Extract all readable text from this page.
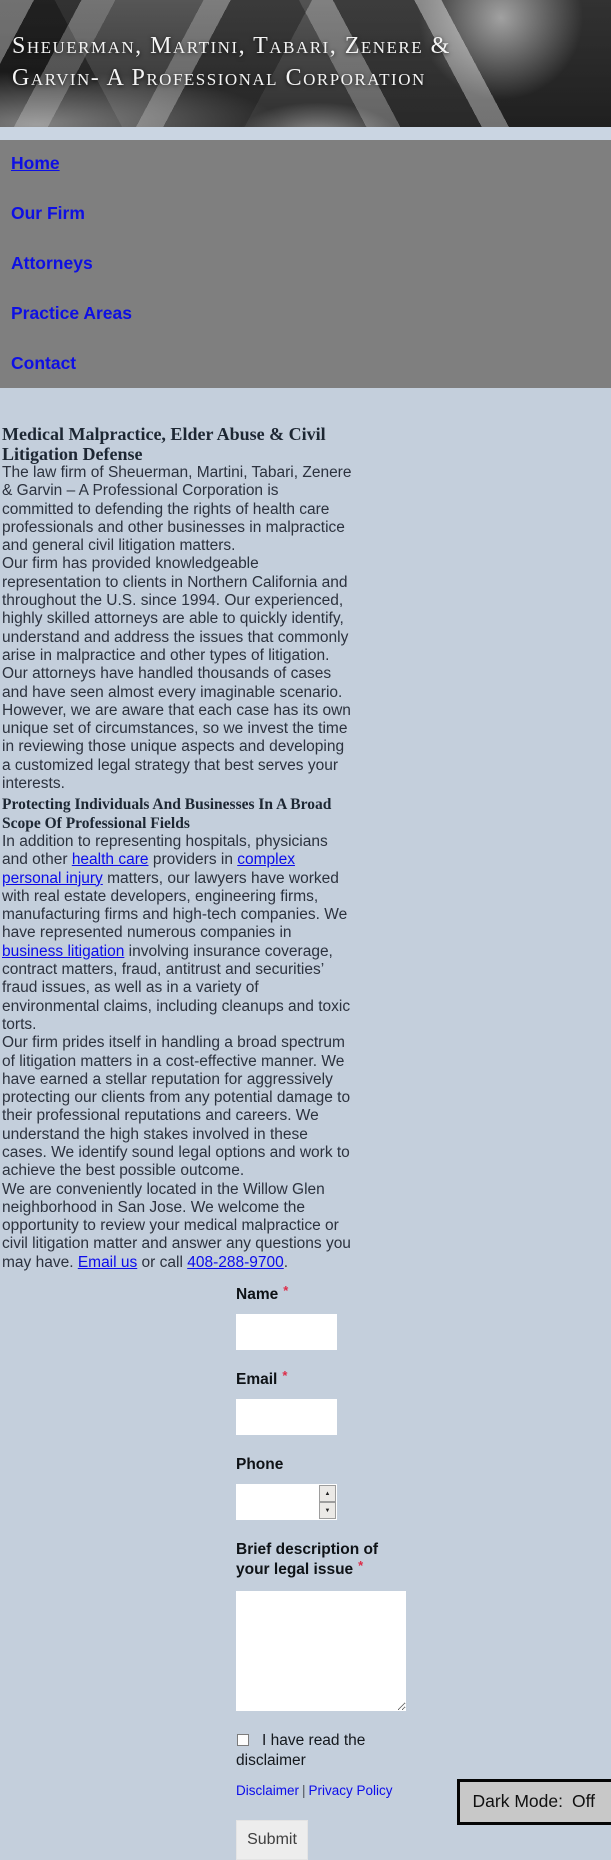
Sheuerman, Martini, Tabari, Zenere &
Garvin- A Professional Corporation
Home
Our Firm
Attorneys
Practice Areas
Contact
Medical Malpractice, Elder Abuse & Civil Litigation Defense

The law firm of Sheuerman, Martini, Tabari, Zenere & Garvin – A Professional Corporation is committed to defending the rights of health care professionals and other businesses in malpractice and general civil litigation matters.

Our firm has provided knowledgeable representation to clients in Northern California and throughout the U.S. since 1994. Our experienced, highly skilled attorneys are able to quickly identify, understand and address the issues that commonly arise in malpractice and other types of litigation.

Our attorneys have handled thousands of cases and have seen almost every imaginable scenario. However, we are aware that each case has its own unique set of circumstances, so we invest the time in reviewing those unique aspects and developing a customized legal strategy that best serves your interests.

Protecting Individuals And Businesses In A Broad Scope Of Professional Fields

In addition to representing hospitals, physicians and other health care providers in complex personal injury matters, our lawyers have worked with real estate developers, engineering firms, manufacturing firms and high-tech companies. We have represented numerous companies in business litigation involving insurance coverage, contract matters, fraud, antitrust and securities’ fraud issues, as well as in a variety of environmental claims, including cleanups and toxic torts.

Our firm prides itself in handling a broad spectrum of litigation matters in a cost-effective manner. We have earned a stellar reputation for aggressively protecting our clients from any potential damage to their professional reputations and careers. We understand the high stakes involved in these cases. We identify sound legal options and work to achieve the best possible outcome.

We are conveniently located in the Willow Glen neighborhood in San Jose. We welcome the opportunity to review your medical malpractice or civil litigation matter and answer any questions you may have. Email us or call 408-288-9700.

Name *
Email *
Phone
▲
▼
Brief description of your legal issue *
I have read the disclaimer
Disclaimer | Privacy Policy
Submit
Dark Mode: Off
